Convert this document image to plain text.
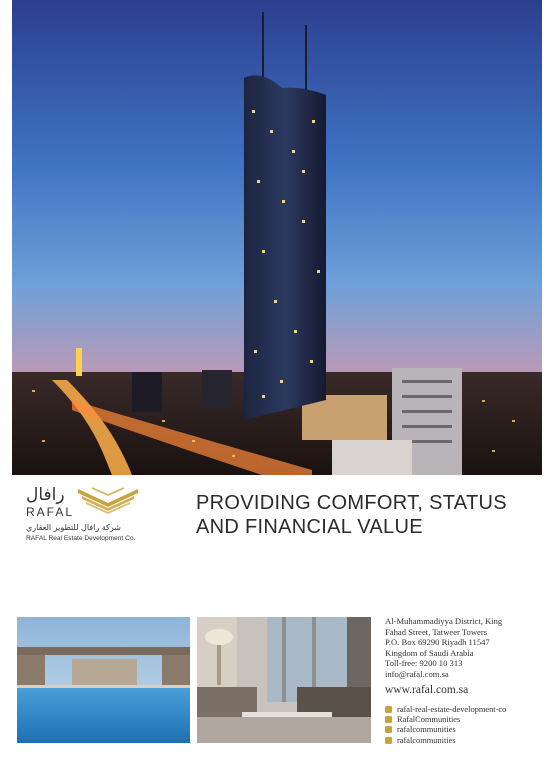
رافال
RAFAL
شركة رافال للتطوير العقاري
RAFAL Real Estate Development Co.
PROVIDING COMFORT, STATUS
AND FINANCIAL VALUE
Al-Muhammadiyya District, King
Fahad Street, Tatweer Towers
P.O. Box 69290 Riyadh 11547
Kingdom of Saudi Arabia
Toll-free: 9200 10 313
info@rafal.com.sa
www.rafal.com.sa
rafal-real-estate-development-co
RafalCommunities
rafalcommunities
rafalcommunities
